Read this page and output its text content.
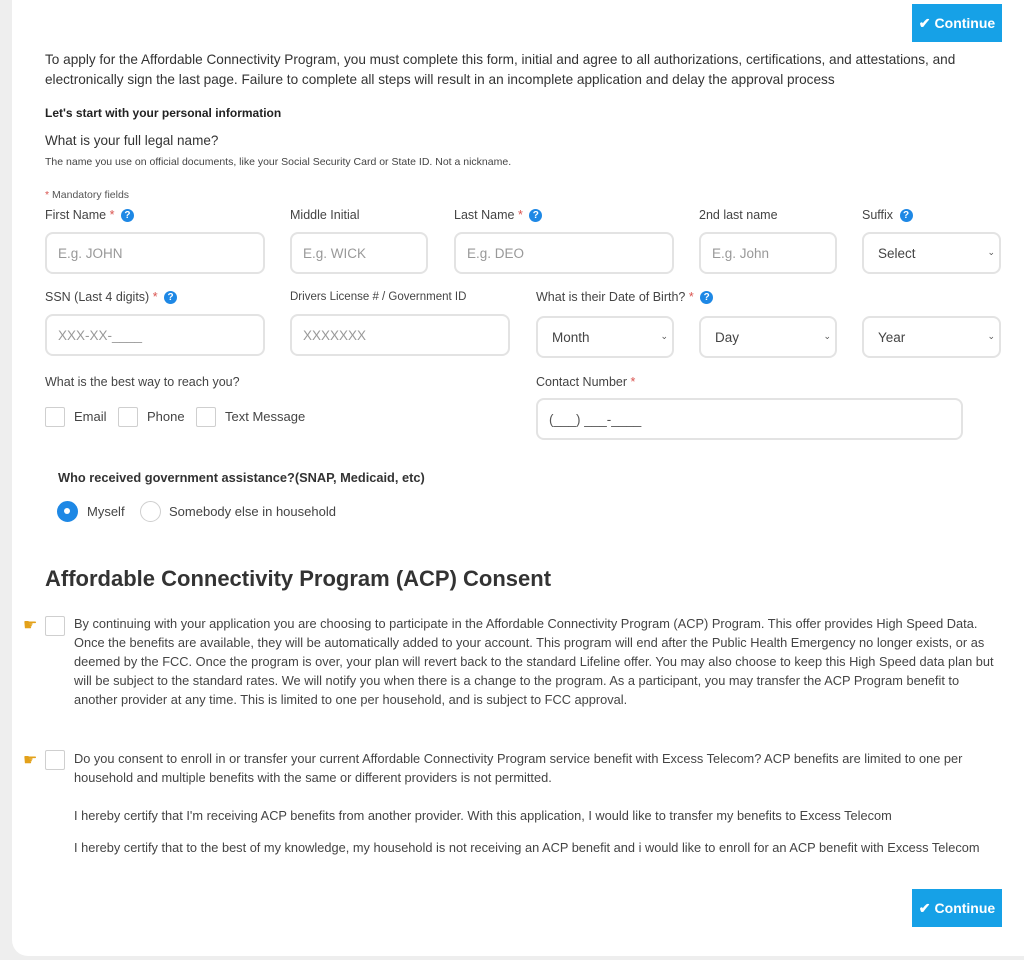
✔ Continue
To apply for the Affordable Connectivity Program, you must complete this form, initial and agree to all authorizations, certifications, and attestations, and electronically sign the last page. Failure to complete all steps will result in an incomplete application and delay the approval process
Let's start with your personal information
What is your full legal name?
The name you use on official documents, like your Social Security Card or State ID. Not a nickname.
* Mandatory fields
First Name * ?	Middle Initial	Last Name * ?	2nd last name	Suffix ?
E.g. JOHN	E.g. WICK	E.g. DEO	E.g. John	Select	⌄
SSN (Last 4 digits) * ?	Drivers License # / Government ID	What is their Date of Birth? * ?
XXX-XX-____	XXXXXXX	Month	⌄	Day	⌄	Year	⌄
What is the best way to reach you?	Contact Number *
Email	Phone	Text Message	(___) ___-____
Who received government assistance?(SNAP, Medicaid, etc)
Myself	Somebody else in household
Affordable Connectivity Program (ACP) Consent
☛	By continuing with your application you are choosing to participate in the Affordable Connectivity Program (ACP) Program. This offer provides High Speed Data. Once the benefits are available, they will be automatically added to your account. This program will end after the Public Health Emergency no longer exists, or as deemed by the FCC. Once the program is over, your plan will revert back to the standard Lifeline offer. You may also choose to keep this High Speed data plan but will be subject to the standard rates. We will notify you when there is a change to the program. As a participant, you may transfer the ACP Program benefit to another provider at any time. This is limited to one per household, and is subject to FCC approval.
☛	Do you consent to enroll in or transfer your current Affordable Connectivity Program service benefit with Excess Telecom? ACP benefits are limited to one per household and multiple benefits with the same or different providers is not permitted.
I hereby certify that I'm receiving ACP benefits from another provider. With this application, I would like to transfer my benefits to Excess Telecom
I hereby certify that to the best of my knowledge, my household is not receiving an ACP benefit and i would like to enroll for an ACP benefit with Excess Telecom
✔ Continue
